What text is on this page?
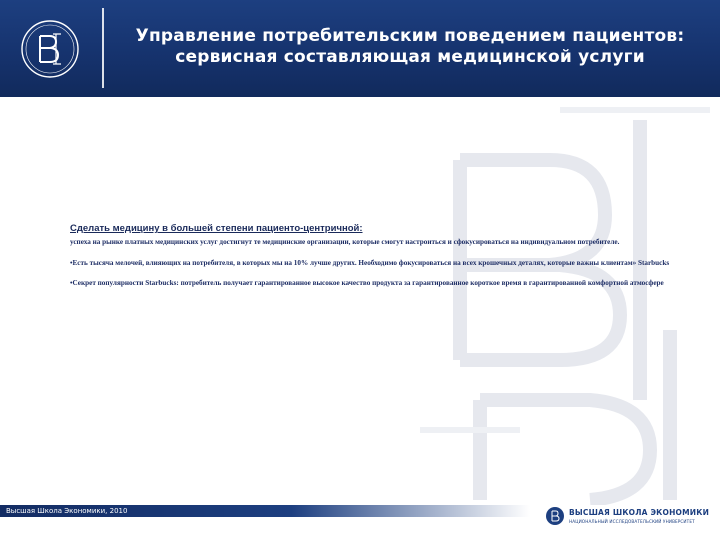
Управление потребительским поведением пациентов:
сервисная составляющая медицинской услуги
Сделать медицину в большей степени пациенто-центричной:
успеха на рынке платных медицинских услуг достигнут те медицинские организации, которые смогут настроиться и сфокусироваться на индивидуальном потребителе.
•Есть тысяча мелочей, влияющих на потребителя, в которых мы на 10% лучше других. Необходимо фокусироваться на всех крошечных деталях, которые важны клиентам» Starbucks
•Секрет популярности Starbucks: потребитель получает гарантированное высокое качество продукта за гарантированное короткое время в гарантированной комфортной атмосфере
Высшая Школа Экономики, 2010	ВЫСШАЯ ШКОЛА ЭКОНОМИКИ
НАЦИОНАЛЬНЫЙ ИССЛЕДОВАТЕЛЬСКИЙ УНИВЕРСИТЕТ
